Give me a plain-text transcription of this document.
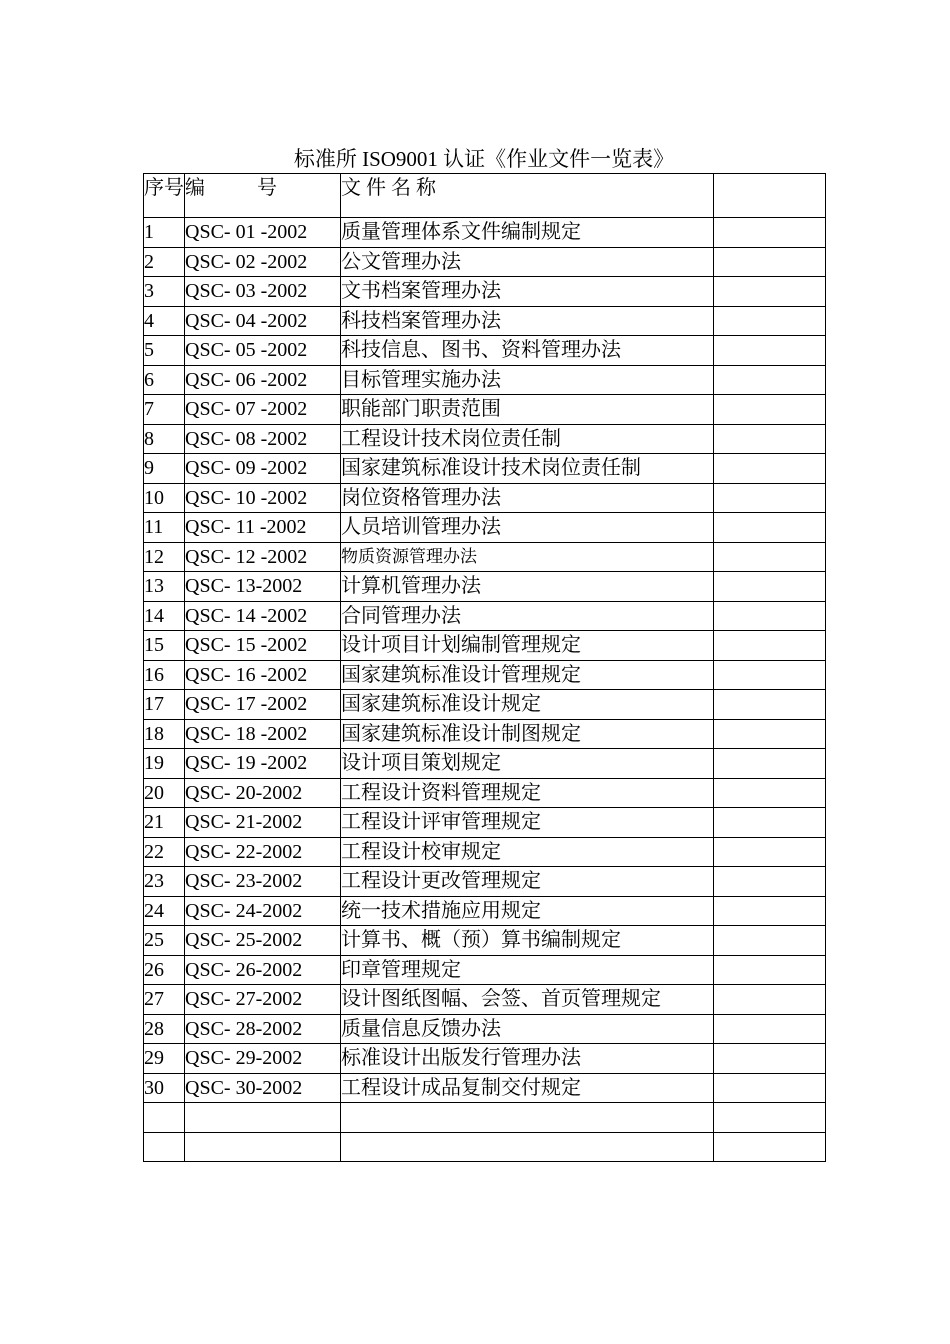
标准所 ISO9001 认证《作业文件一览表》
序号	编 号	文 件 名 称	
1	QSC- 01 -2002	质量管理体系文件编制规定	
2	QSC- 02 -2002	公文管理办法	
3	QSC- 03 -2002	文书档案管理办法	
4	QSC- 04 -2002	科技档案管理办法	
5	QSC- 05 -2002	科技信息、图书、资料管理办法	
6	QSC- 06 -2002	目标管理实施办法	
7	QSC- 07 -2002	职能部门职责范围	
8	QSC- 08 -2002	工程设计技术岗位责任制	
9	QSC- 09 -2002	国家建筑标准设计技术岗位责任制	
10	QSC- 10 -2002	岗位资格管理办法	
11	QSC- 11 -2002	人员培训管理办法	
12	QSC- 12 -2002	物质资源管理办法	
13	QSC- 13-2002	计算机管理办法	
14	QSC- 14 -2002	合同管理办法	
15	QSC- 15 -2002	设计项目计划编制管理规定	
16	QSC- 16 -2002	国家建筑标准设计管理规定	
17	QSC- 17 -2002	国家建筑标准设计规定	
18	QSC- 18 -2002	国家建筑标准设计制图规定	
19	QSC- 19 -2002	设计项目策划规定	
20	QSC- 20-2002	工程设计资料管理规定	
21	QSC- 21-2002	工程设计评审管理规定	
22	QSC- 22-2002	工程设计校审规定	
23	QSC- 23-2002	工程设计更改管理规定	
24	QSC- 24-2002	统一技术措施应用规定	
25	QSC- 25-2002	计算书、概（预）算书编制规定	
26	QSC- 26-2002	印章管理规定	
27	QSC- 27-2002	设计图纸图幅、会签、首页管理规定	
28	QSC- 28-2002	质量信息反馈办法	
29	QSC- 29-2002	标准设计出版发行管理办法	
30	QSC- 30-2002	工程设计成品复制交付规定	
